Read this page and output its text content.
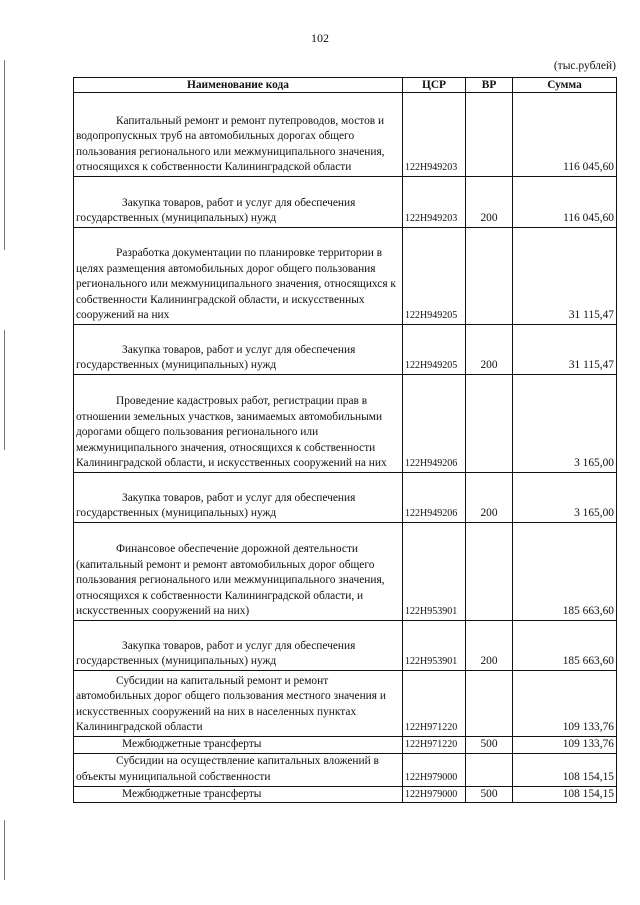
102
(тыс.рублей)
Наименование кода	ЦСР	ВР	Сумма
Капитальный ремонт и ремонт путепроводов, мостов и водопропускных труб на автомобильных дорогах общего пользования регионального или межмуниципального значения, относящихся к собственности Калининградской области	122H949203		116 045,60
Закупка товаров, работ и услуг для обеспечения государственных (муниципальных) нужд	122H949203	200	116 045,60
Разработка документации по планировке территории в целях размещения автомобильных дорог общего пользования регионального или межмуниципального значения, относящихся к собственности Калининградской области, и искусственных сооружений на них	122H949205		31 115,47
Закупка товаров, работ и услуг для обеспечения государственных (муниципальных) нужд	122H949205	200	31 115,47
Проведение кадастровых работ, регистрации прав в отношении земельных участков, занимаемых автомобильными дорогами общего пользования регионального или межмуниципального значения, относящихся к собственности Калининградской области, и искусственных сооружений на них	122H949206		3 165,00
Закупка товаров, работ и услуг для обеспечения государственных (муниципальных) нужд	122H949206	200	3 165,00
Финансовое обеспечение дорожной деятельности (капитальный ремонт и ремонт автомобильных дорог общего пользования регионального или межмуниципального значения, относящихся к собственности Калининградской области, и искусственных сооружений на них)	122H953901		185 663,60
Закупка товаров, работ и услуг для обеспечения государственных (муниципальных) нужд	122H953901	200	185 663,60
Субсидии на капитальный ремонт и ремонт автомобильных дорог общего пользования местного значения и искусственных сооружений на них в населенных пунктах Калининградской области	122H971220		109 133,76
Межбюджетные трансферты	122H971220	500	109 133,76
Субсидии на осуществление капитальных вложений в объекты муниципальной собственности	122H979000		108 154,15
Межбюджетные трансферты	122H979000	500	108 154,15
